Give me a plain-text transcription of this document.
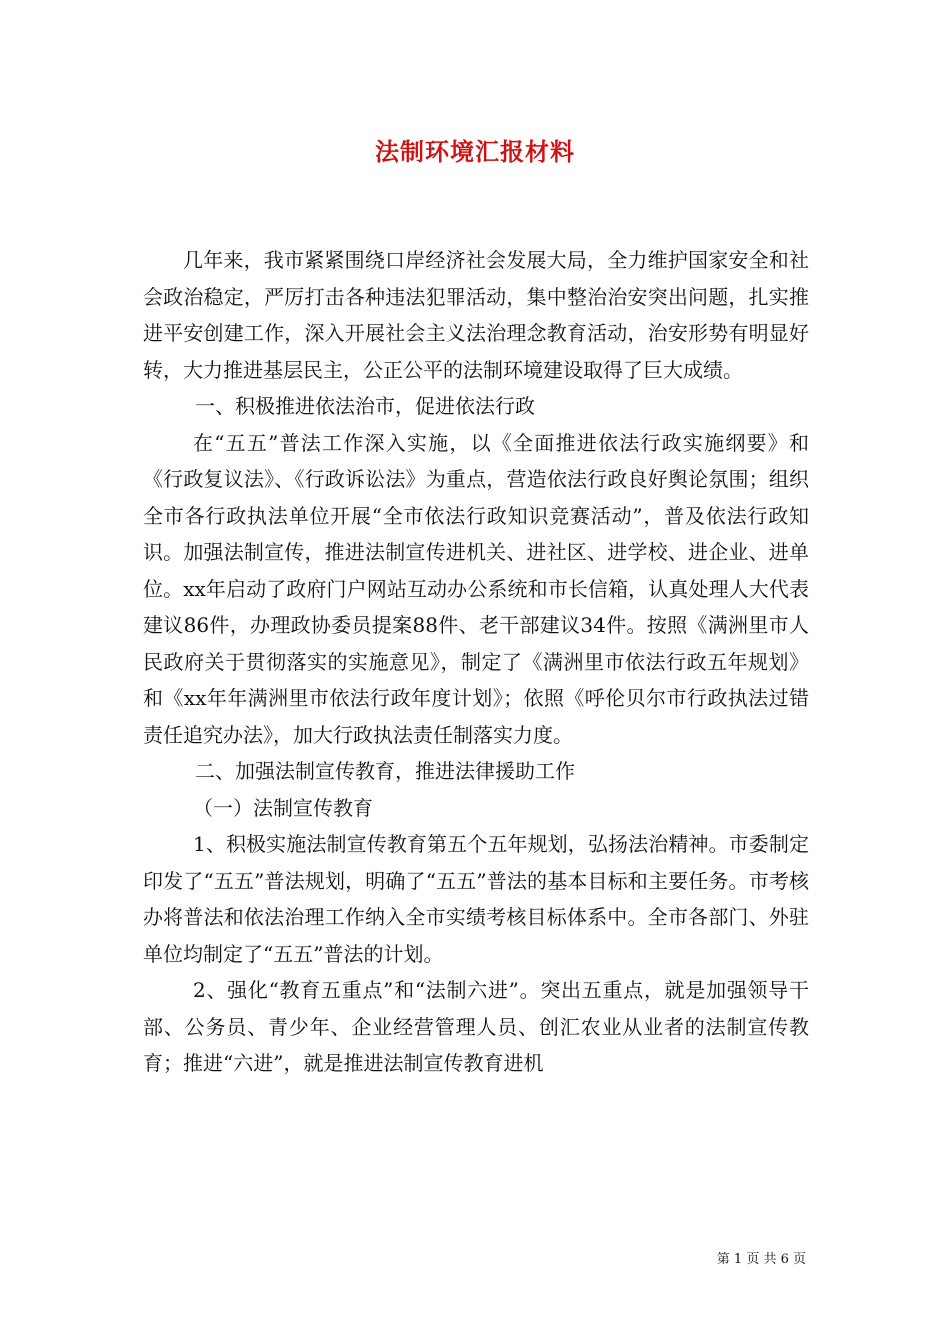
法制环境汇报材料

几年来，我市紧紧围绕口岸经济社会发展大局，全力维护国家安全和社会政治稳定，严厉打击各种违法犯罪活动，集中整治治安突出问题，扎实推进平安创建工作，深入开展社会主义法治理念教育活动，治安形势有明显好转，大力推进基层民主，公正公平的法制环境建设取得了巨大成绩。

一、积极推进依法治市，促进依法行政

在“五五”普法工作深入实施，以《全面推进依法行政实施纲要》和《行政复议法》、《行政诉讼法》为重点，营造依法行政良好舆论氛围；组织全市各行政执法单位开展“全市依法行政知识竞赛活动”，普及依法行政知识。加强法制宣传，推进法制宣传进机关、进社区、进学校、进企业、进单位。xx年启动了政府门户网站互动办公系统和市长信箱，认真处理人大代表建议86件，办理政协委员提案88件、老干部建议34件。按照《满洲里市人民政府关于贯彻落实的实施意见》，制定了《满洲里市依法行政五年规划》和《xx年年满洲里市依法行政年度计划》；依照《呼伦贝尔市行政执法过错责任追究办法》，加大行政执法责任制落实力度。

二、加强法制宣传教育，推进法律援助工作

（一）法制宣传教育

1、积极实施法制宣传教育第五个五年规划，弘扬法治精神。市委制定印发了“五五”普法规划，明确了“五五”普法的基本目标和主要任务。市考核办将普法和依法治理工作纳入全市实绩考核目标体系中。全市各部门、外驻单位均制定了“五五”普法的计划。

2、强化“教育五重点”和“法制六进”。突出五重点，就是加强领导干部、公务员、青少年、企业经营管理人员、创汇农业从业者的法制宣传教育；推进“六进”，就是推进法制宣传教育进机

第 1 页 共 6 页
